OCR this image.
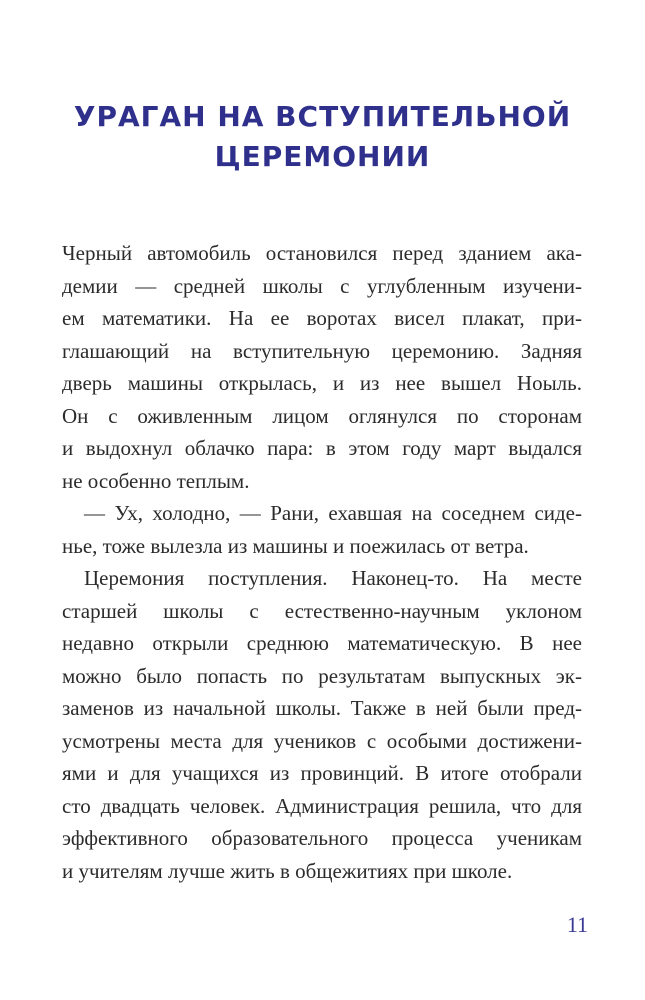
УРАГАН НА ВСТУПИТЕЛЬНОЙ
ЦЕРЕМОНИИ
Черный автомобиль остановился перед зданием ака-
демии — средней школы с углубленным изучени-
ем математики. На ее воротах висел плакат, при-
глашающий на вступительную церемонию. Задняя
дверь машины открылась, и из нее вышел Ноыль.
Он с оживленным лицом оглянулся по сторонам
и выдохнул облачко пара: в этом году март выдался
не особенно теплым.
— Ух, холодно, — Рани, ехавшая на соседнем сиде-
нье, тоже вылезла из машины и поежилась от ветра.
Церемония поступления. Наконец-то. На месте
старшей школы с естественно-научным уклоном
недавно открыли среднюю математическую. В нее
можно было попасть по результатам выпускных эк-
заменов из начальной школы. Также в ней были пред-
усмотрены места для учеников с особыми достижени-
ями и для учащихся из провинций. В итоге отобрали
сто двадцать человек. Администрация решила, что для
эффективного образовательного процесса ученикам
и учителям лучше жить в общежитиях при школе.
11
